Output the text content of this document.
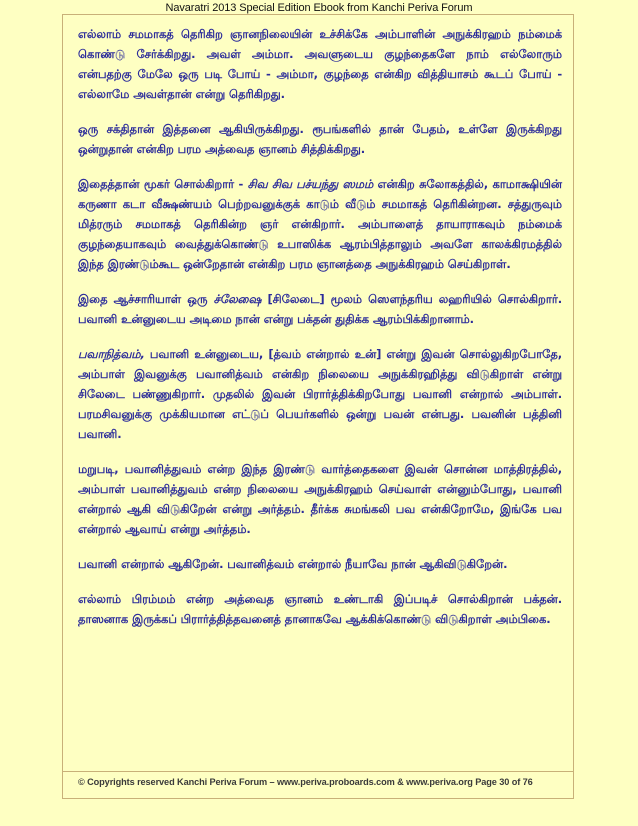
Navaratri 2013 Special Edition Ebook from Kanchi Periva Forum

எல்லாம் சமமாகத் தெரிகிற ஞானநிலையின் உச்சிக்கே அம்பாளின் அநுக்கிரஹம் நம்மைக் கொண்டு சேர்க்கிறது. அவள் அம்மா. அவளுடைய குழந்தைகளே நாம் எல்லோரும் என்பதற்கு மேலே ஒரு படி போய் - அம்மா, குழந்தை என்கிற வித்தியாசம் கூடப் போய் - எல்லாமே அவள்தான் என்று தெரிகிறது.

ஒரு சக்திதான் இத்தனை ஆகியிருக்கிறது. ரூபங்களில் தான் பேதம், உள்ளே இருக்கிறது ஒன்றுதான் என்கிற பரம அத்வைத ஞானம் சித்திக்கிறது.

இதைத்தான் மூகர் சொல்கிறார் - சிவ சிவ பச்யந்து ஸமம் என்கிற சுலோகத்தில், காமாக்ஷியின் கருணா கடா வீக்ஷண்யம் பெற்றவனுக்குக் காடும் வீடும் சமமாகத் தெரிகின்றன. சத்துருவும் மித்ரரும் சமமாகத் தெரிகின்ற ஞர் என்கிறார். அம்பாளைத் தாயாராகவும் நம்மைக் குழந்தையாகவும் வைத்துக்கொண்டு உபாஸிக்க ஆரம்பித்தாலும் அவளே காலக்கிரமத்தில் இந்த இரண்டும்கூட ஒன்றேதான் என்கிற பரம ஞானத்தை அநுக்கிரஹம் செய்கிறாள்.

இதை ஆச்சாரியாள் ஒரு ச்லேஷை [சிலேடை] மூலம் ஸௌந்தரிய லஹரியில் சொல்கிறார். பவானி உன்னுடைய அடிமை நான் என்று பக்தன் துதிக்க ஆரம்பிக்கிறானாம்.

பவாநித்வம், பவானி உன்னுடைய, [த்வம் என்றால் உன்] என்று இவன் சொல்லுகிறபோதே, அம்பாள் இவனுக்கு பவானித்வம் என்கிற நிலையை அநுக்கிரஹித்து விடுகிறாள் என்று சிலேடை பண்ணுகிறார். முதலில் இவன் பிரார்த்திக்கிறபோது பவானி என்றால் அம்பாள். பரமசிவனுக்கு முக்கியமான எட்டுப் பெயர்களில் ஒன்று பவன் என்பது. பவனின் பத்தினி பவானி.

மறுபடி, பவானித்துவம் என்ற இந்த இரண்டு வார்த்தைகளை இவன் சொன்ன மாத்திரத்தில், அம்பாள் பவானித்துவம் என்ற நிலையை அநுக்கிரஹம் செய்வாள் என்னும்போது, பவானி என்றால் ஆகி விடுகிறேன் என்று அர்த்தம். தீர்க்க சுமங்கலி பவ என்கிறோமே, இங்கே பவ என்றால் ஆவாய் என்று அர்த்தம்.

பவானி என்றால் ஆகிறேன். பவானித்வம் என்றால் நீயாவே நான் ஆகிவிடுகிறேன்.

எல்லாம் பிரம்மம் என்ற அத்வைத ஞானம் உண்டாகி இப்படிச் சொல்கிறான் பக்தன். தாஸனாக இருக்கப் பிரார்த்தித்தவனைத் தானாகவே ஆக்கிக்கொண்டு விடுகிறாள் அம்பிகை.

© Copyrights reserved Kanchi Periva Forum – www.periva.proboards.com & www.periva.org Page 30 of 76
